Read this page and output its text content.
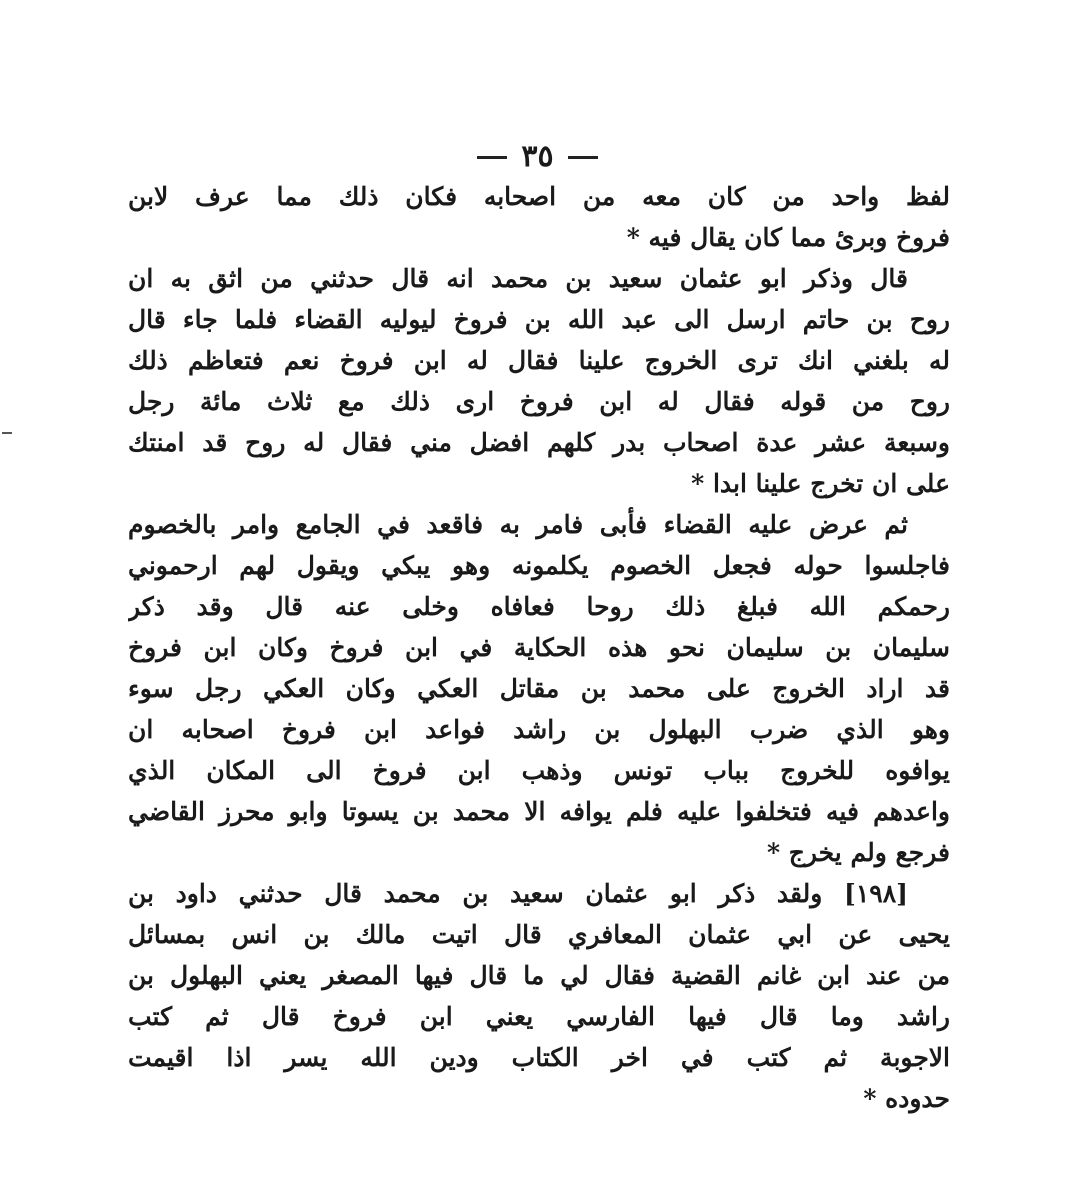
٣٥
لفظ واحد من كان معه من اصحابه فكان ذلك مما عرف لابن
فروخ وبرئ مما كان يقال فيه *
قال وذكر ابو عثمان سعيد بن محمد انه قال حدثني من اثق به ان
روح بن حاتم ارسل الى عبد الله بن فروخ ليوليه القضاء فلما جاء قال
له بلغني انك ترى الخروج علينا فقال له ابن فروخ نعم فتعاظم ذلك
روح من قوله فقال له ابن فروخ ارى ذلك مع ثلاث مائة رجل
وسبعة عشر عدة اصحاب بدر كلهم افضل مني فقال له روح قد امنتك
على ان تخرج علينا ابدا *
ثم عرض عليه القضاء فأبى فامر به فاقعد في الجامع وامر بالخصوم
فاجلسوا حوله فجعل الخصوم يكلمونه وهو يبكي ويقول لهم ارحموني
رحمكم الله فبلغ ذلك روحا فعافاه وخلى عنه قال وقد ذكر
سليمان بن سليمان نحو هذه الحكاية في ابن فروخ وكان ابن فروخ
قد اراد الخروج على محمد بن مقاتل العكي وكان العكي رجل سوء
وهو الذي ضرب البهلول بن راشد فواعد ابن فروخ اصحابه ان
يوافوه للخروج بباب تونس وذهب ابن فروخ الى المكان الذي
واعدهم فيه فتخلفوا عليه فلم يوافه الا محمد بن يسوتا وابو محرز القاضي
فرجع ولم يخرج *
[١٩٨] ولقد ذكر ابو عثمان سعيد بن محمد قال حدثني داود بن
يحيى عن ابي عثمان المعافري قال اتيت مالك بن انس بمسائل
من عند ابن غانم القضية فقال لي ما قال فيها المصغر يعني البهلول بن
راشد وما قال فيها الفارسي يعني ابن فروخ قال ثم كتب
الاجوبة ثم كتب في اخر الكتاب ودين الله يسر اذا اقيمت
حدوده *
